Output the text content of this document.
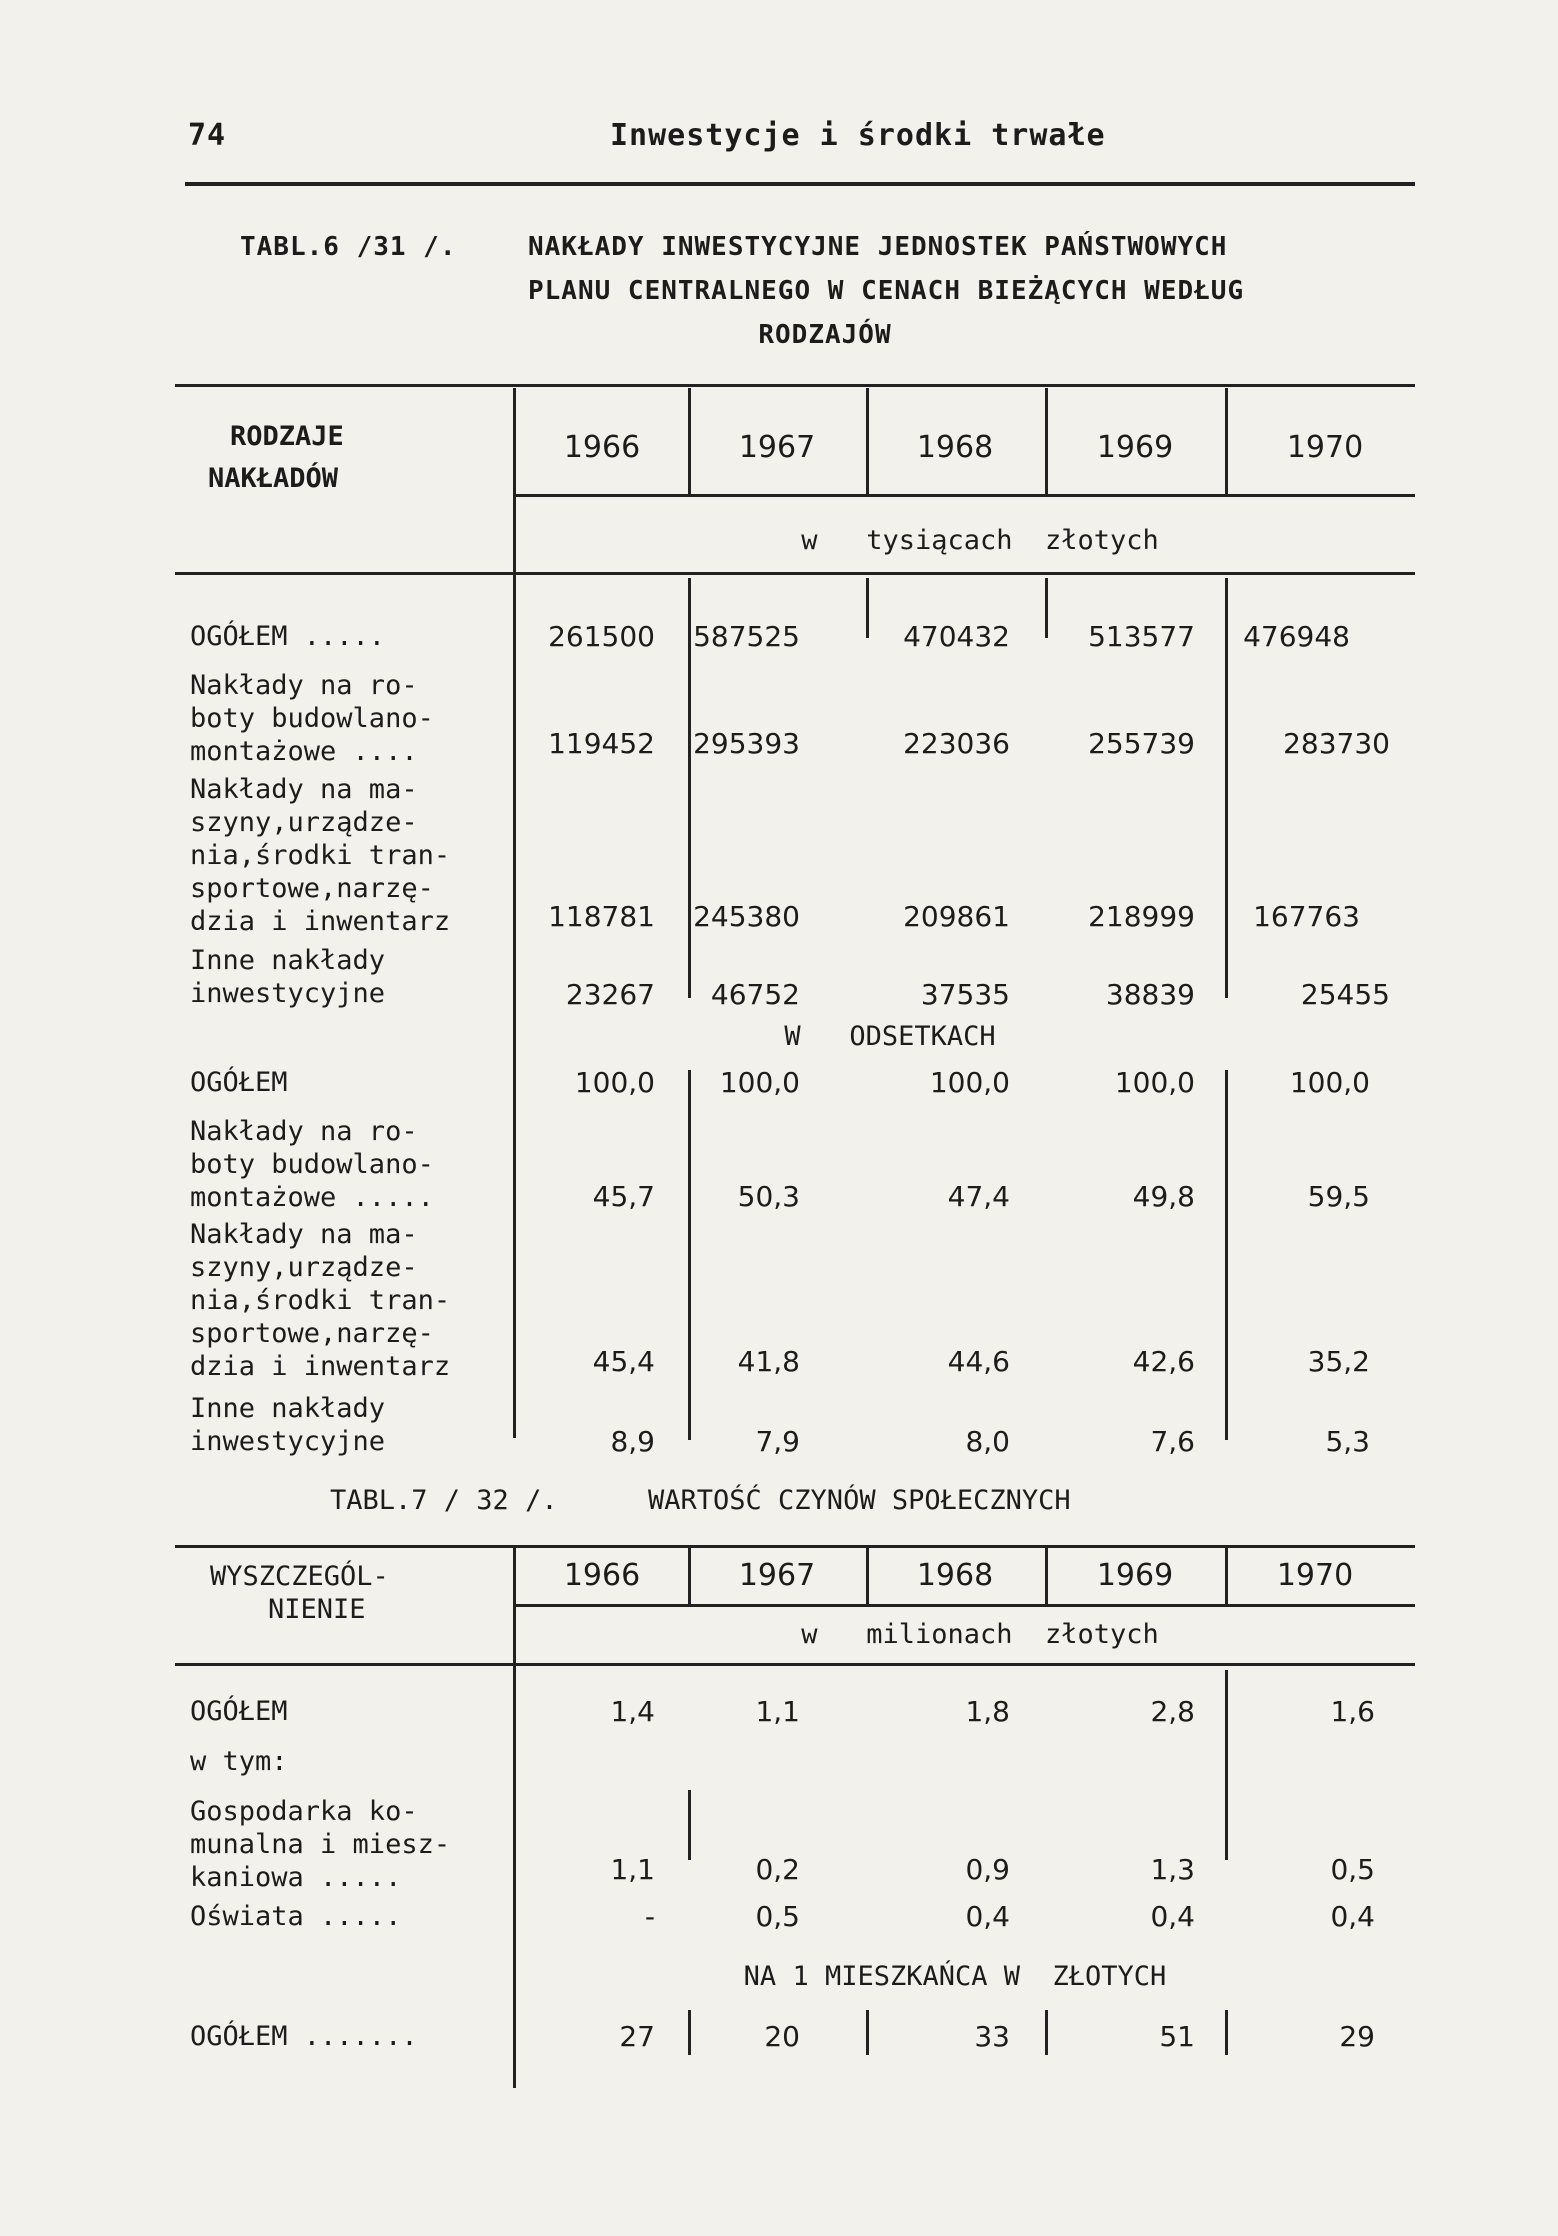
74	Inwestycje i środki trwałe
TABL.6 /31 /.	NAKŁADY INWESTYCYJNE JEDNOSTEK PAŃSTWOWYCH
PLANU CENTRALNEGO W CENACH BIEŻĄCYCH WEDŁUG
RODZAJÓW
RODZAJE
NAKŁADÓW
1966	1967	1968	1969	1970
w   tysiącach  złotych
OGÓŁEM .....	261500	587525	470432	513577	476948
Nakłady na ro-
boty budowlano-
montażowe ....	119452	295393	223036	255739	283730
Nakłady na ma-
szyny,urządze-
nia,środki tran-
sportowe,narzę-
dzia i inwentarz	118781	245380	209861	218999	167763
Inne nakłady
inwestycyjne	23267	46752	37535	38839	25455
W   ODSETKACH
OGÓŁEM	100,0	100,0	100,0	100,0	100,0
Nakłady na ro-
boty budowlano-
montażowe .....	45,7	50,3	47,4	49,8	59,5
Nakłady na ma-
szyny,urządze-
nia,środki tran-
sportowe,narzę-
dzia i inwentarz	45,4	41,8	44,6	42,6	35,2
Inne nakłady
inwestycyjne	8,9	7,9	8,0	7,6	5,3
TABL.7 / 32 /.	WARTOŚĆ CZYNÓW SPOŁECZNYCH
WYSZCZEGÓL-
NIENIE
1966	1967	1968	1969	1970
w   milionach  złotych
OGÓŁEM	1,4	1,1	1,8	2,8	1,6
w tym:
Gospodarka ko-
munalna i miesz-
kaniowa .....	1,1	0,2	0,9	1,3	0,5
Oświata .....	-	0,5	0,4	0,4	0,4
NA 1 MIESZKAŃCA W  ZŁOTYCH
OGÓŁEM .......	27	20	33	51	29
